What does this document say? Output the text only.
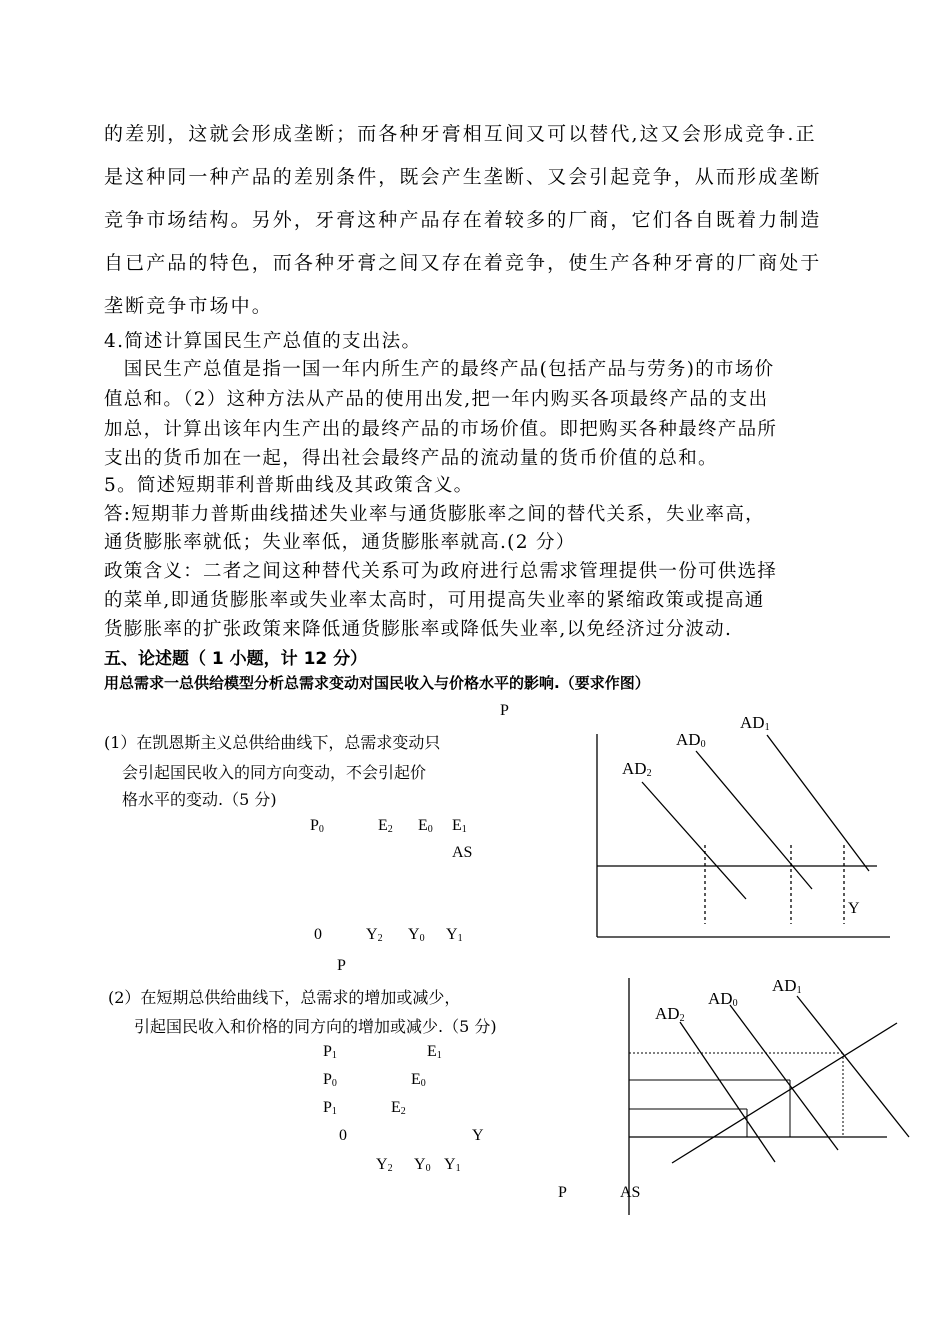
的差别，这就会形成垄断；而各种牙膏相互间又可以替代,这又会形成竞争.正
是这种同一种产品的差别条件，既会产生垄断、又会引起竞争，从而形成垄断
竞争市场结构。另外，牙膏这种产品存在着较多的厂商，它们各自既着力制造
自已产品的特色，而各种牙膏之间又存在着竞争，使生产各种牙膏的厂商处于
垄断竞争市场中。
4.简述计算国民生产总值的支出法。
　国民生产总值是指一国一年内所生产的最终产品(包括产品与劳务)的市场价
值总和。（2）这种方法从产品的使用出发,把一年内购买各项最终产品的支出
加总，计算出该年内生产出的最终产品的市场价值。即把购买各种最终产品所
支出的货币加在一起，得出社会最终产品的流动量的货币价值的总和。
5。简述短期菲利普斯曲线及其政策含义。
答:短期菲力普斯曲线描述失业率与通货膨胀率之间的替代关系，失业率高，
通货膨胀率就低；失业率低，通货膨胀率就高.(2 分）
政策含义：二者之间这种替代关系可为政府进行总需求管理提供一份可供选择
的菜单,即通货膨胀率或失业率太高时，可用提高失业率的紧缩政策或提高通
货膨胀率的扩张政策来降低通货膨胀率或降低失业率,以免经济过分波动.
五、论述题（ 1 小题，计 12 分）
用总需求一总供给模型分析总需求变动对国民收入与价格水平的影响.（要求作图）
(1）在凯恩斯主义总供给曲线下，总需求变动只
会引起国民收入的同方向变动，不会引起价
格水平的变动.（5 分)
(2）在短期总供给曲线下，总需求的增加或减少，
引起国民收入和价格的同方向的增加或减少.（5 分)
P
$P_0$	$E_2$ $E_0$ $E_1$
AS
0	$Y_2$ $Y_0$ $Y_1$
P
$AD_1$
$AD_0$
$AD_2$
Y
$P_1$	$E_1$
$P_0$	$E_0$
$P_1$	$E_2$
0	Y
$Y_2$ $Y_0$ $Y_1$
P	AS
$AD_1$
$AD_0$
$AD_2$
